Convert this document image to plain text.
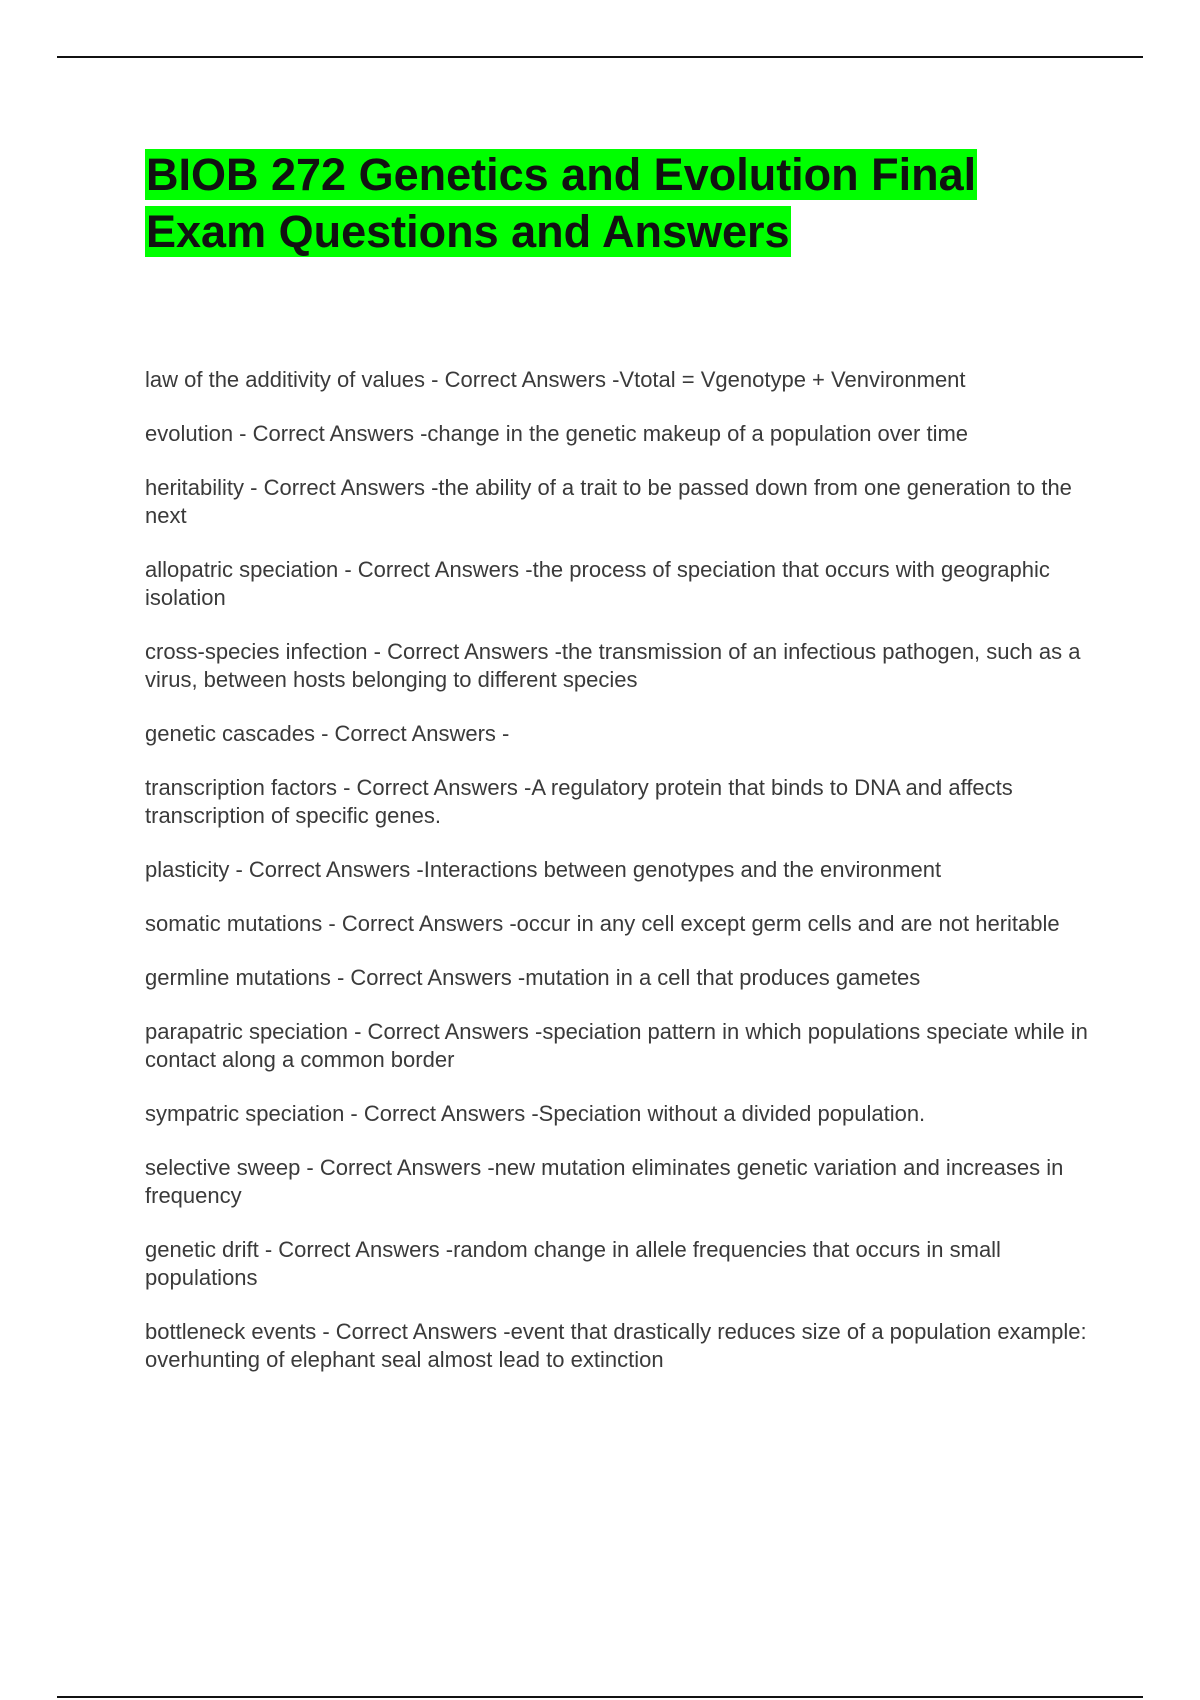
BIOB 272 Genetics and Evolution Final Exam Questions and Answers
law of the additivity of values - Correct Answers -Vtotal = Vgenotype + Venvironment
evolution - Correct Answers -change in the genetic makeup of a population over time
heritability - Correct Answers -the ability of a trait to be passed down from one generation to the next
allopatric speciation - Correct Answers -the process of speciation that occurs with geographic isolation
cross-species infection - Correct Answers -the transmission of an infectious pathogen, such as a virus, between hosts belonging to different species
genetic cascades - Correct Answers -
transcription factors - Correct Answers -A regulatory protein that binds to DNA and affects transcription of specific genes.
plasticity - Correct Answers -Interactions between genotypes and the environment
somatic mutations - Correct Answers -occur in any cell except germ cells and are not heritable
germline mutations - Correct Answers -mutation in a cell that produces gametes
parapatric speciation - Correct Answers -speciation pattern in which populations speciate while in contact along a common border
sympatric speciation - Correct Answers -Speciation without a divided population.
selective sweep - Correct Answers -new mutation eliminates genetic variation and increases in frequency
genetic drift - Correct Answers -random change in allele frequencies that occurs in small populations
bottleneck events - Correct Answers -event that drastically reduces size of a population example: overhunting of elephant seal almost lead to extinction
